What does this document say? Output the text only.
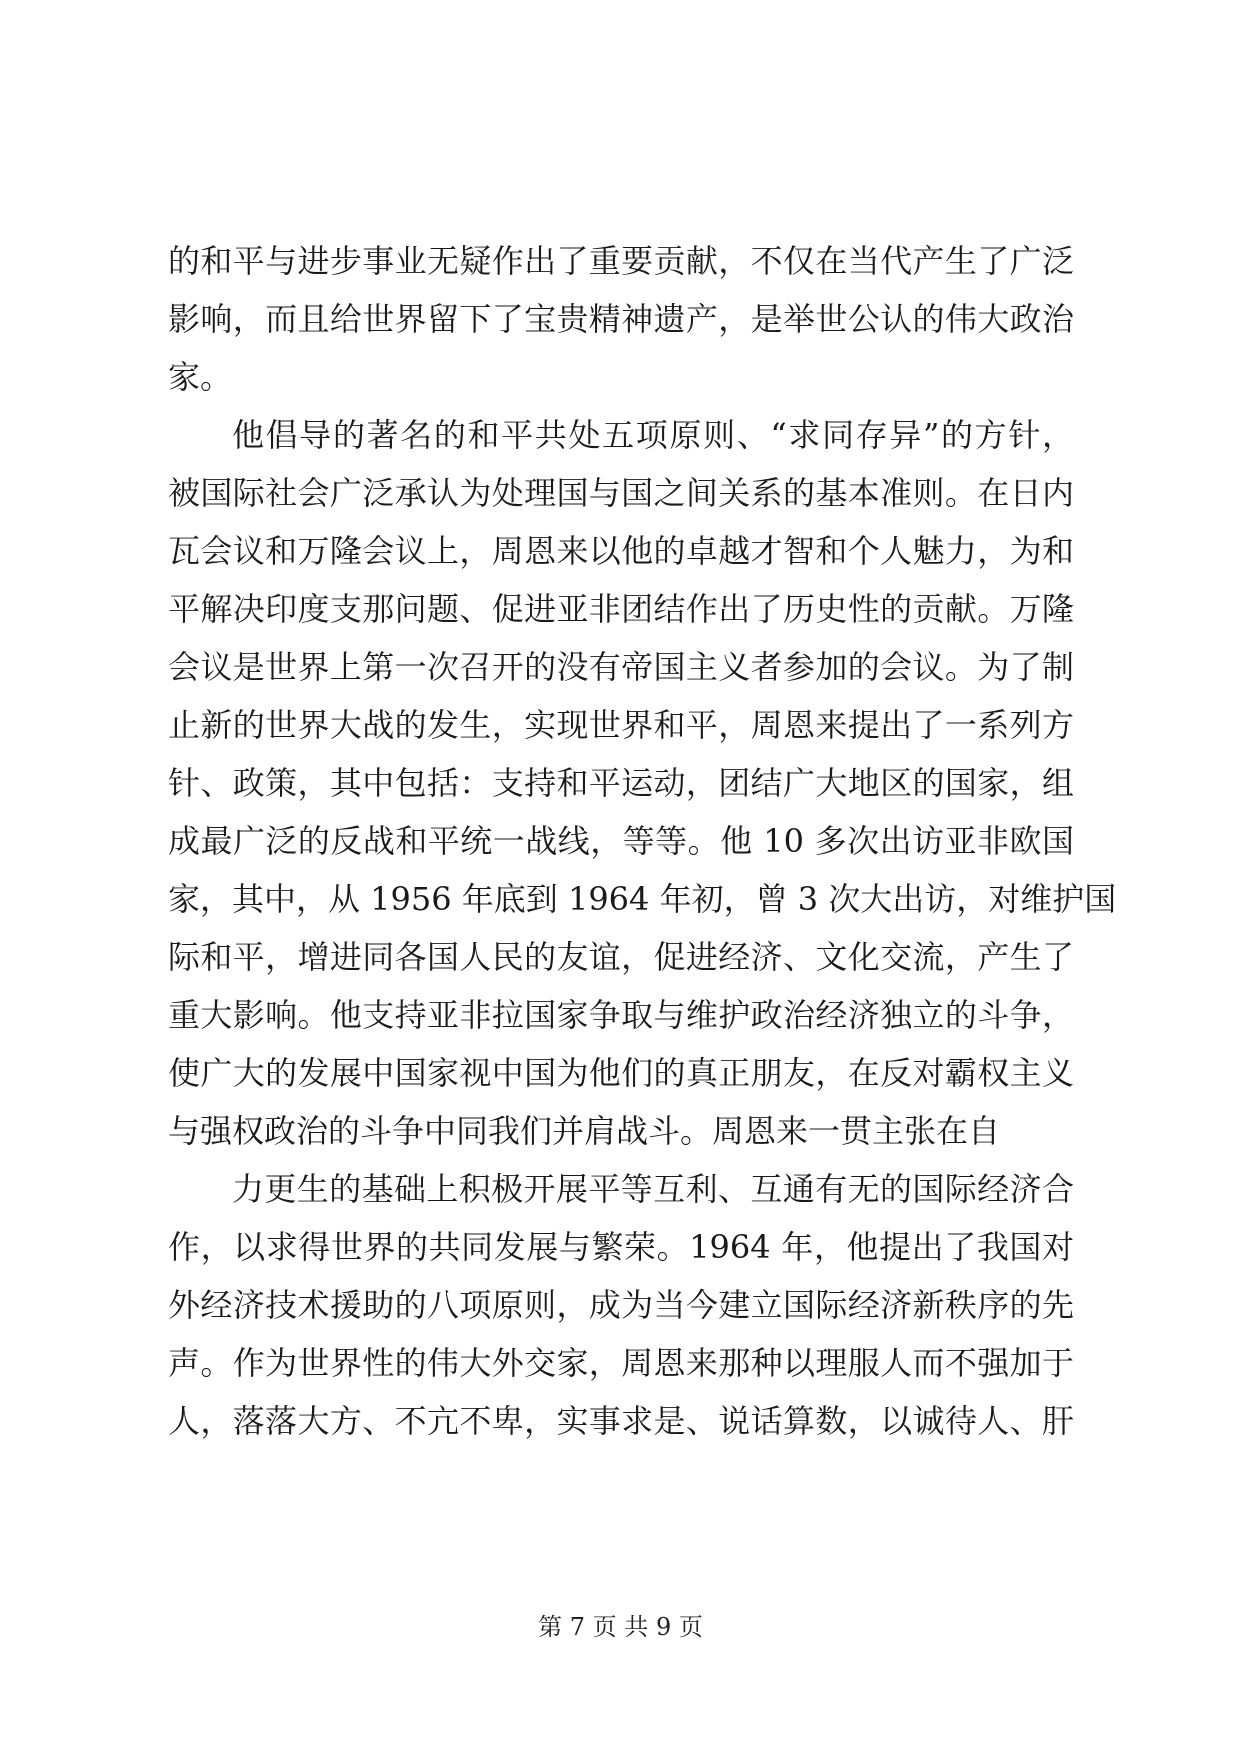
的和平与进步事业无疑作出了重要贡献，不仅在当代产生了广泛
影响，而且给世界留下了宝贵精神遗产，是举世公认的伟大政治
家。
他倡导的著名的和平共处五项原则、“求同存异”的方针，
被国际社会广泛承认为处理国与国之间关系的基本准则。在日内
瓦会议和万隆会议上，周恩来以他的卓越才智和个人魅力，为和
平解决印度支那问题、促进亚非团结作出了历史性的贡献。万隆
会议是世界上第一次召开的没有帝国主义者参加的会议。为了制
止新的世界大战的发生，实现世界和平，周恩来提出了一系列方
针、政策，其中包括：支持和平运动，团结广大地区的国家，组
成最广泛的反战和平统一战线，等等。他 10 多次出访亚非欧国
家，其中，从 1956 年底到 1964 年初，曾 3 次大出访，对维护国
际和平，增进同各国人民的友谊，促进经济、文化交流，产生了
重大影响。他支持亚非拉国家争取与维护政治经济独立的斗争，
使广大的发展中国家视中国为他们的真正朋友，在反对霸权主义
与强权政治的斗争中同我们并肩战斗。周恩来一贯主张在自
力更生的基础上积极开展平等互利、互通有无的国际经济合
作，以求得世界的共同发展与繁荣。1964 年，他提出了我国对
外经济技术援助的八项原则，成为当今建立国际经济新秩序的先
声。作为世界性的伟大外交家，周恩来那种以理服人而不强加于
人，落落大方、不亢不卑，实事求是、说话算数，以诚待人、肝
第 7 页 共 9 页
